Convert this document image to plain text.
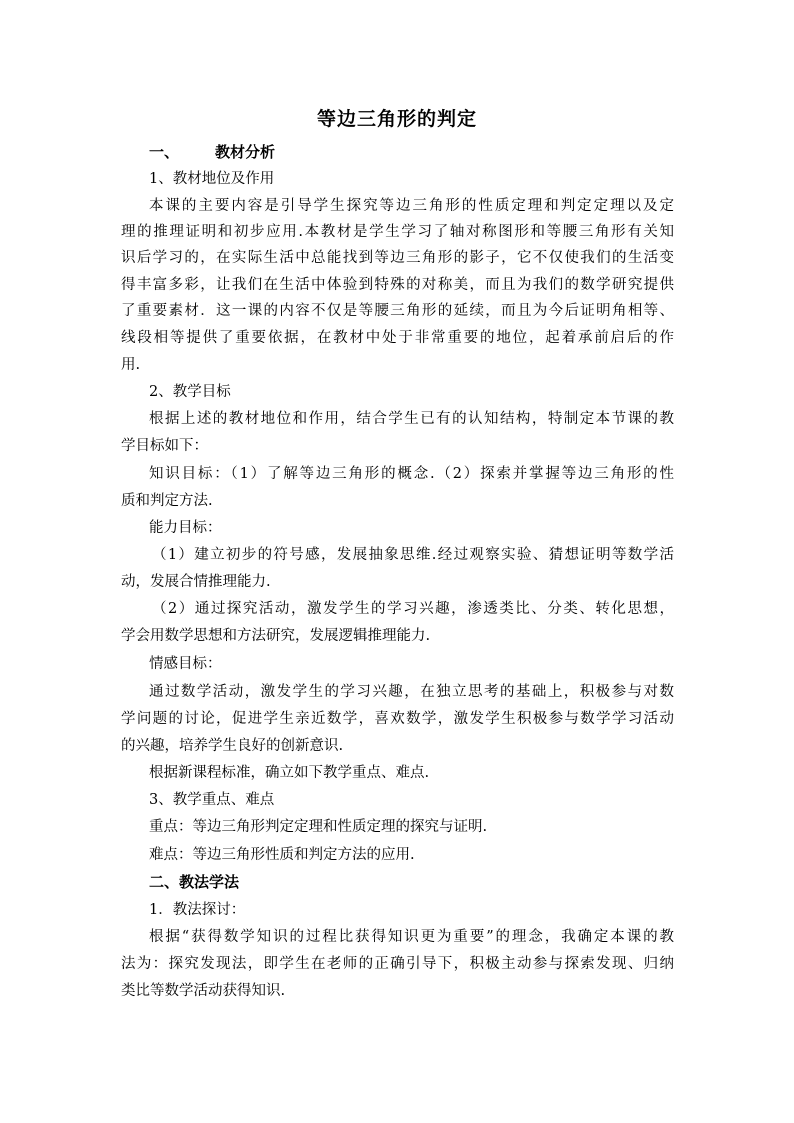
等边三角形的判定
一、 教材分析
1、教材地位及作用
本课的主要内容是引导学生探究等边三角形的性质定理和判定定理以及定
理的推理证明和初步应用.本教材是学生学习了轴对称图形和等腰三角形有关知
识后学习的，在实际生活中总能找到等边三角形的影子，它不仅使我们的生活变
得丰富多彩，让我们在生活中体验到特殊的对称美，而且为我们的数学研究提供
了重要素材．这一课的内容不仅是等腰三角形的延续，而且为今后证明角相等、
线段相等提供了重要依据，在教材中处于非常重要的地位，起着承前启后的作
用.
2、教学目标
根据上述的教材地位和作用，结合学生已有的认知结构，特制定本节课的教
学目标如下：
知识目标：（1）了解等边三角形的概念.（2）探索并掌握等边三角形的性
质和判定方法.
能力目标：
（1）建立初步的符号感，发展抽象思维.经过观察实验、猜想证明等数学活
动，发展合情推理能力.
（2）通过探究活动，激发学生的学习兴趣，渗透类比、分类、转化思想，
学会用数学思想和方法研究，发展逻辑推理能力.
情感目标：
通过数学活动，激发学生的学习兴趣，在独立思考的基础上，积极参与对数
学问题的讨论，促进学生亲近数学，喜欢数学，激发学生积极参与数学学习活动
的兴趣，培养学生良好的创新意识.
根据新课程标准，确立如下教学重点、难点.
3、教学重点、难点
重点：等边三角形判定定理和性质定理的探究与证明.
难点：等边三角形性质和判定方法的应用.
二、教法学法
1．教法探讨：
根据“获得数学知识的过程比获得知识更为重要”的理念，我确定本课的教
法为：探究发现法，即学生在老师的正确引导下，积极主动参与探索发现、归纳
类比等数学活动获得知识.
